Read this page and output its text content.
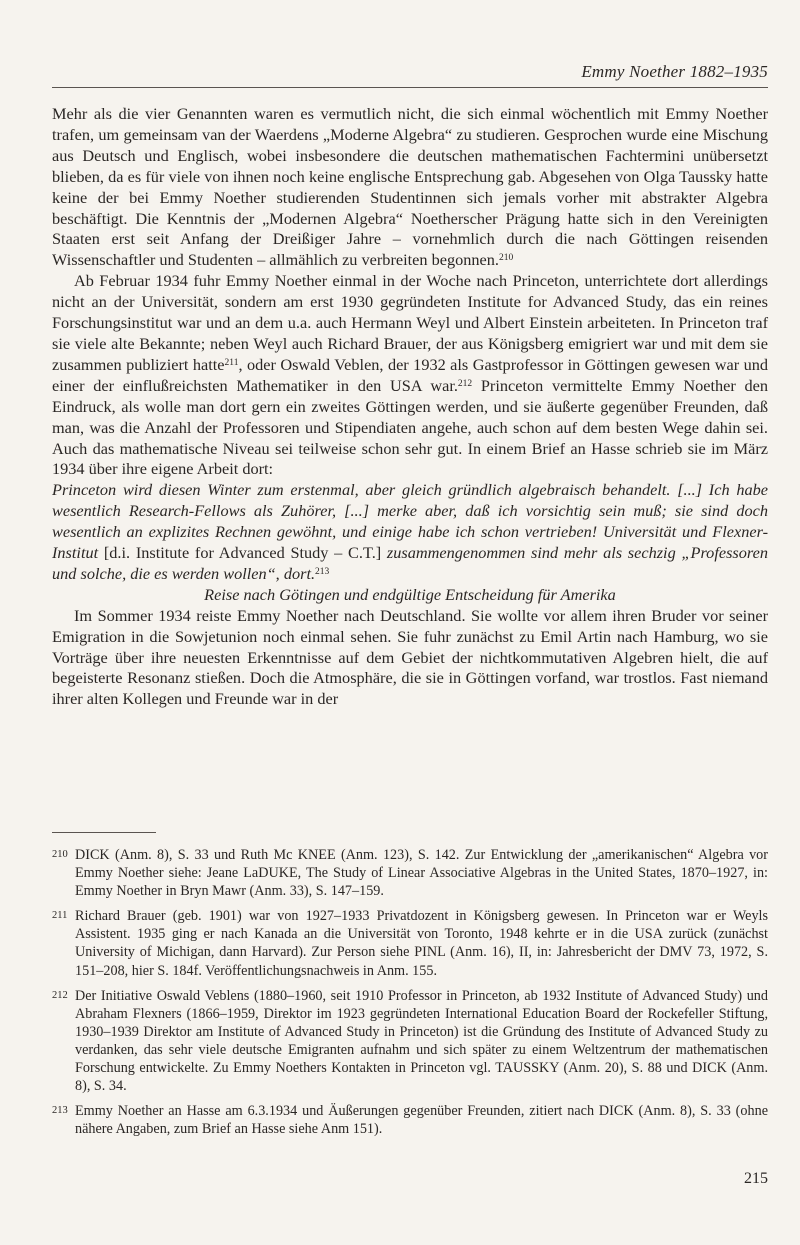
Emmy Noether 1882–1935

Mehr als die vier Genannten waren es vermutlich nicht, die sich einmal wöchentlich mit Emmy Noether trafen, um gemeinsam van der Waerdens „Moderne Algebra“ zu studieren. Gesprochen wurde eine Mischung aus Deutsch und Englisch, wobei insbesondere die deutschen mathematischen Fachtermini unübersetzt blieben, da es für viele von ihnen noch keine englische Entsprechung gab. Abgesehen von Olga Taussky hatte keine der bei Emmy Noether studierenden Studentinnen sich jemals vorher mit abstrakter Algebra beschäftigt. Die Kenntnis der „Modernen Algebra“ Noetherscher Prägung hatte sich in den Vereinigten Staaten erst seit Anfang der Dreißiger Jahre – vornehmlich durch die nach Göttingen reisenden Wissenschaftler und Studenten – allmählich zu verbreiten begonnen.$^{210}$

Ab Februar 1934 fuhr Emmy Noether einmal in der Woche nach Princeton, unterrichtete dort allerdings nicht an der Universität, sondern am erst 1930 gegründeten Institute for Advanced Study, das ein reines Forschungsinstitut war und an dem u.a. auch Hermann Weyl und Albert Einstein arbeiteten. In Princeton traf sie viele alte Bekannte; neben Weyl auch Richard Brauer, der aus Königsberg emigriert war und mit dem sie zusammen publiziert hatte$^{211}$, oder Oswald Veblen, der 1932 als Gastprofessor in Göttingen gewesen war und einer der einflußreichsten Mathematiker in den USA war.$^{212}$ Princeton vermittelte Emmy Noether den Eindruck, als wolle man dort gern ein zweites Göttingen werden, und sie äußerte gegenüber Freunden, daß man, was die Anzahl der Professoren und Stipendiaten angehe, auch schon auf dem besten Wege dahin sei. Auch das mathematische Niveau sei teilweise schon sehr gut. In einem Brief an Hasse schrieb sie im März 1934 über ihre eigene Arbeit dort:

Princeton wird diesen Winter zum erstenmal, aber gleich gründlich algebraisch behandelt. [...] Ich habe wesentlich Research-Fellows als Zuhörer, [...] merke aber, daß ich vorsichtig sein muß; sie sind doch wesentlich an explizites Rechnen gewöhnt, und einige habe ich schon vertrieben! Universität und Flexner-Institut [d.i. Institute for Advanced Study – C.T.] zusammengenommen sind mehr als sechzig „Professoren und solche, die es werden wollen“, dort.$^{213}$

Reise nach Götingen und endgültige Entscheidung für Amerika

Im Sommer 1934 reiste Emmy Noether nach Deutschland. Sie wollte vor allem ihren Bruder vor seiner Emigration in die Sowjetunion noch einmal sehen. Sie fuhr zunächst zu Emil Artin nach Hamburg, wo sie Vorträge über ihre neuesten Erkenntnisse auf dem Gebiet der nichtkommutativen Algebren hielt, die auf begeisterte Resonanz stießen. Doch die Atmosphäre, die sie in Göttingen vorfand, war trostlos. Fast niemand ihrer alten Kollegen und Freunde war in der

210 DICK (Anm. 8), S. 33 und Ruth Mc KNEE (Anm. 123), S. 142. Zur Entwicklung der „amerikanischen“ Algebra vor Emmy Noether siehe: Jeane LaDUKE, The Study of Linear Associative Algebras in the United States, 1870–1927, in: Emmy Noether in Bryn Mawr (Anm. 33), S. 147–159.
211 Richard Brauer (geb. 1901) war von 1927–1933 Privatdozent in Königsberg gewesen. In Princeton war er Weyls Assistent. 1935 ging er nach Kanada an die Universität von Toronto, 1948 kehrte er in die USA zurück (zunächst University of Michigan, dann Harvard). Zur Person siehe PINL (Anm. 16), II, in: Jahresbericht der DMV 73, 1972, S. 151–208, hier S. 184f. Veröffentlichungsnachweis in Anm. 155.
212 Der Initiative Oswald Veblens (1880–1960, seit 1910 Professor in Princeton, ab 1932 Institute of Advanced Study) und Abraham Flexners (1866–1959, Direktor im 1923 gegründeten International Education Board der Rockefeller Stiftung, 1930–1939 Direktor am Institute of Advanced Study in Princeton) ist die Gründung des Institute of Advanced Study zu verdanken, das sehr viele deutsche Emigranten aufnahm und sich später zu einem Weltzentrum der mathematischen Forschung entwickelte. Zu Emmy Noethers Kontakten in Princeton vgl. TAUSSKY (Anm. 20), S. 88 und DICK (Anm. 8), S. 34.
213 Emmy Noether an Hasse am 6.3.1934 und Äußerungen gegenüber Freunden, zitiert nach DICK (Anm. 8), S. 33 (ohne nähere Angaben, zum Brief an Hasse siehe Anm 151).
215
